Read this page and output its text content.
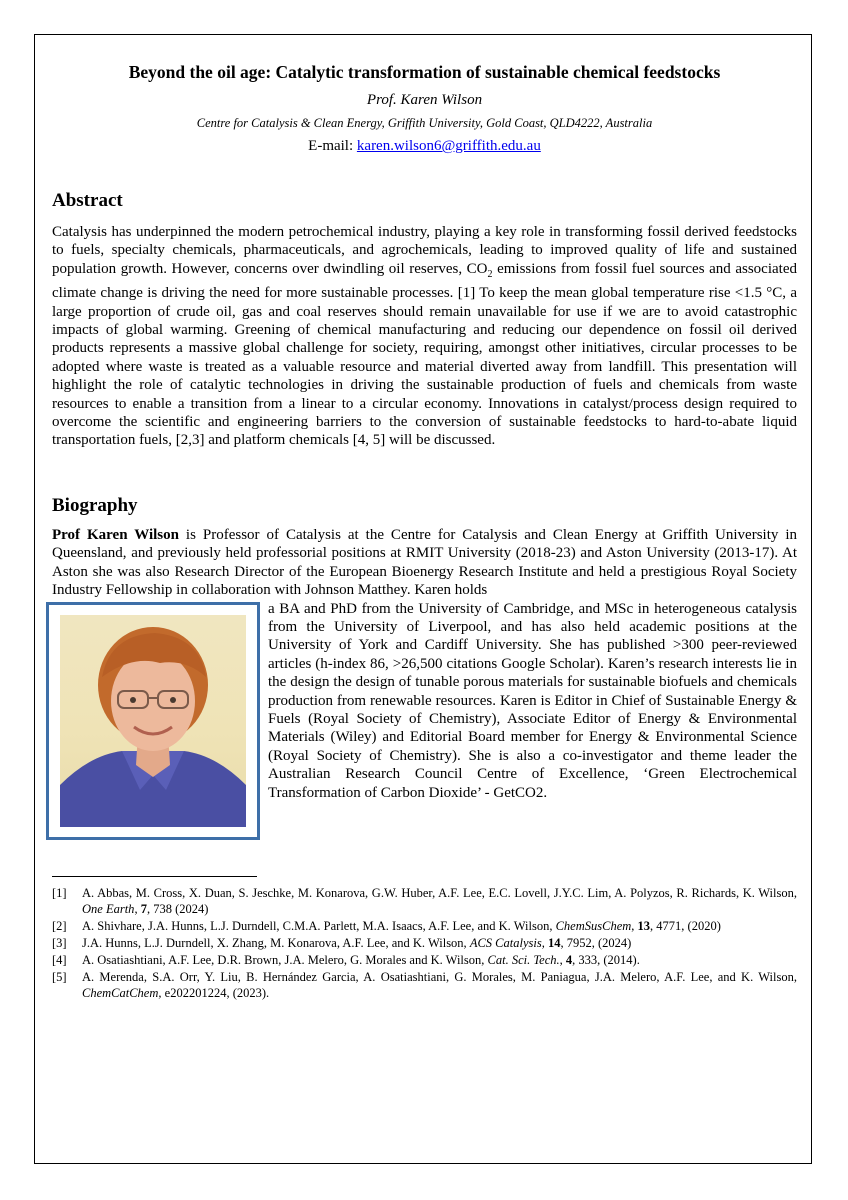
Beyond the oil age: Catalytic transformation of sustainable chemical feedstocks
Prof. Karen Wilson
Centre for Catalysis & Clean Energy, Griffith University, Gold Coast, QLD4222, Australia
E-mail: karen.wilson6@griffith.edu.au
Abstract

Catalysis has underpinned the modern petrochemical industry, playing a key role in transforming fossil derived feedstocks to fuels, specialty chemicals, pharmaceuticals, and agrochemicals, leading to improved quality of life and sustained population growth. However, concerns over dwindling oil reserves, $CO_2$ emissions from fossil fuel sources and associated climate change is driving the need for more sustainable processes. [1] To keep the mean global temperature rise <1.5 °C, a large proportion of crude oil, gas and coal reserves should remain unavailable for use if we are to avoid catastrophic impacts of global warming. Greening of chemical manufacturing and reducing our dependence on fossil oil derived products represents a massive global challenge for society, requiring, amongst other initiatives, circular processes to be adopted where waste is treated as a valuable resource and material diverted away from landfill. This presentation will highlight the role of catalytic technologies in driving the sustainable production of fuels and chemicals from waste resources to enable a transition from a linear to a circular economy. Innovations in catalyst/process design required to overcome the scientific and engineering barriers to the conversion of sustainable feedstocks to hard-to-abate liquid transportation fuels, [2,3] and platform chemicals [4, 5] will be discussed.

Biography
Prof Karen Wilson is Professor of Catalysis at the Centre for Catalysis and Clean Energy at Griffith University in Queensland, and previously held professorial positions at RMIT University (2018-23) and Aston University (2013-17). At Aston she was also Research Director of the European Bioenergy Research Institute and held a prestigious Royal Society Industry Fellowship in collaboration with Johnson Matthey. Karen holds
a BA and PhD from the University of Cambridge, and MSc in heterogeneous catalysis from the University of Liverpool, and has also held academic positions at the University of York and Cardiff University. She has published >300 peer-reviewed articles (h-index 86, >26,500 citations Google Scholar). Karen’s research interests lie in the design the design of tunable porous materials for sustainable biofuels and chemicals production from renewable resources. Karen is Editor in Chief of Sustainable Energy & Fuels (Royal Society of Chemistry), Associate Editor of Energy & Environmental Materials (Wiley) and Editorial Board member for Energy & Environmental Science (Royal Society of Chemistry). She is also a co-investigator and theme leader the Australian Research Council Centre of Excellence, ‘Green Electrochemical Transformation of Carbon Dioxide’ - GetCO2.
[1]	A. Abbas, M. Cross, X. Duan, S. Jeschke, M. Konarova, G.W. Huber, A.F. Lee, E.C. Lovell, J.Y.C. Lim, A. Polyzos, R. Richards, K. Wilson, One Earth, 7, 738 (2024)
[2]	A. Shivhare, J.A. Hunns, L.J. Durndell, C.M.A. Parlett, M.A. Isaacs, A.F. Lee, and K. Wilson, ChemSusChem, 13, 4771, (2020)
[3]	J.A. Hunns, L.J. Durndell, X. Zhang, M. Konarova, A.F. Lee, and K. Wilson, ACS Catalysis, 14, 7952, (2024)
[4]	A. Osatiashtiani, A.F. Lee, D.R. Brown, J.A. Melero, G. Morales and K. Wilson, Cat. Sci. Tech., 4, 333, (2014).
[5]	A. Merenda, S.A. Orr, Y. Liu, B. Hernández Garcia, A. Osatiashtiani, G. Morales, M. Paniagua, J.A. Melero, A.F. Lee, and K. Wilson, ChemCatChem, e202201224, (2023).
